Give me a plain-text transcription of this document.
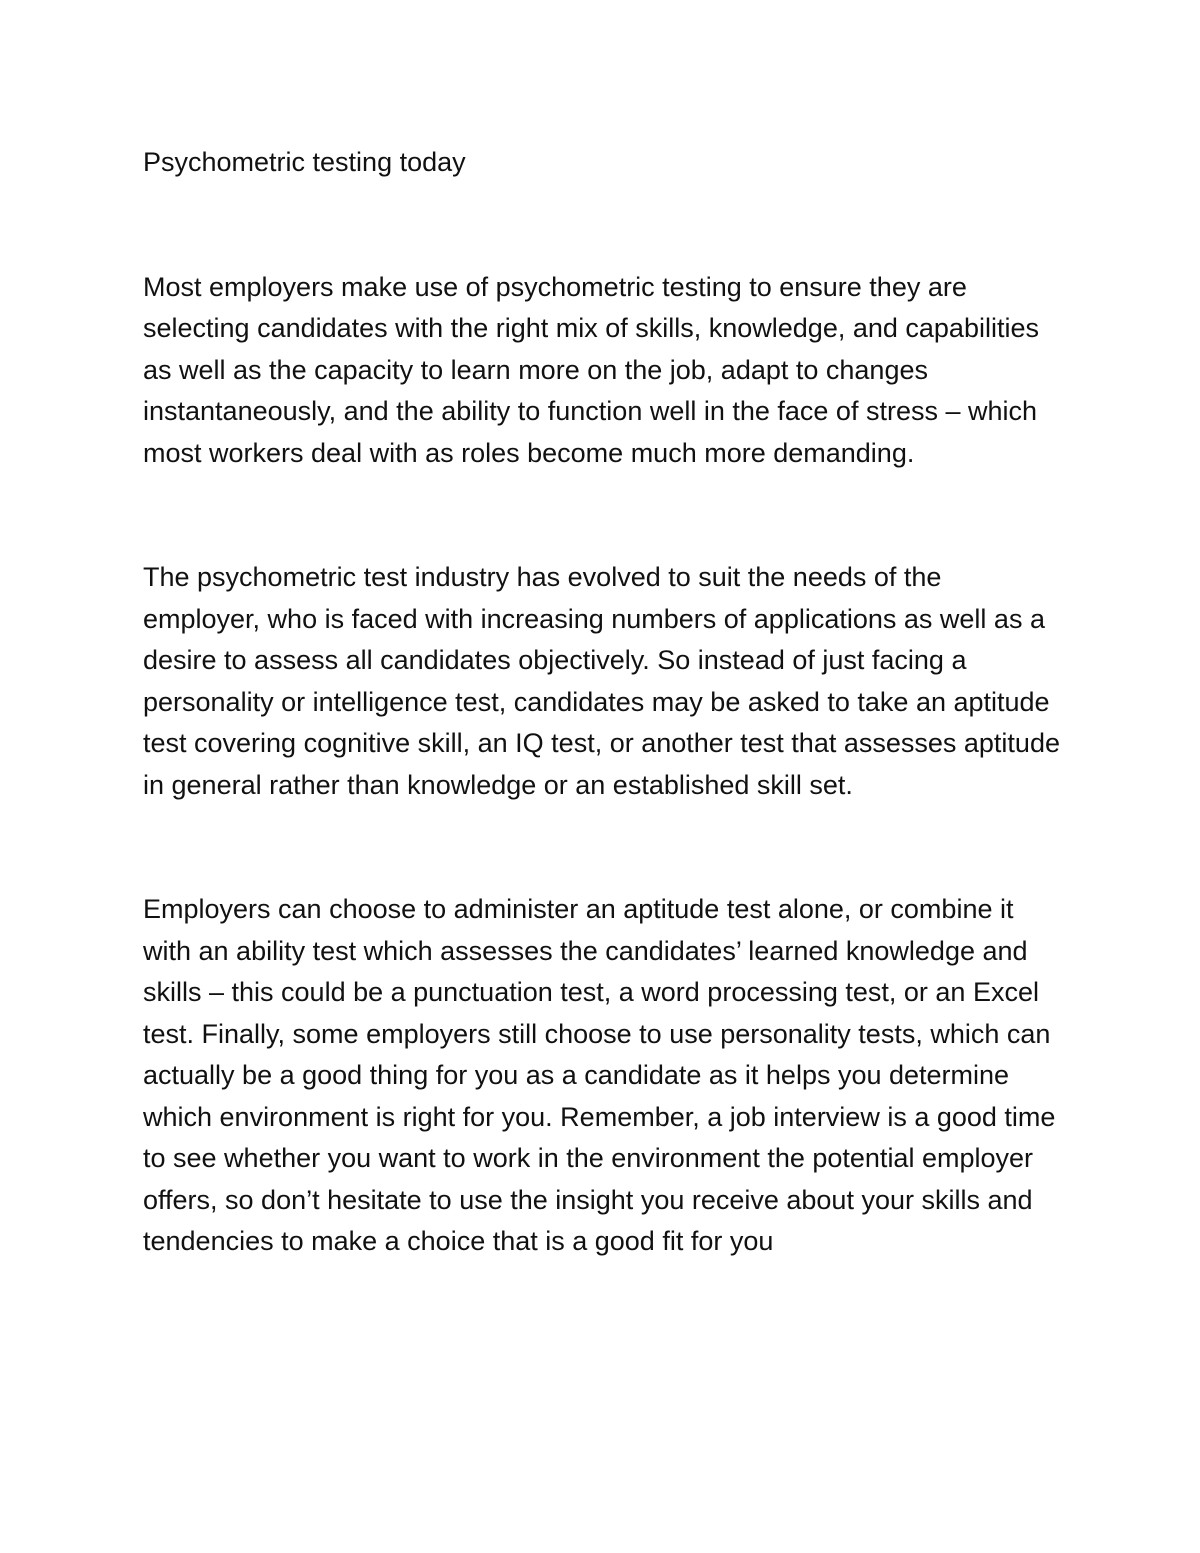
Psychometric testing today

Most employers make use of psychometric testing to ensure they are selecting candidates with the right mix of skills, knowledge, and capabilities as well as the capacity to learn more on the job, adapt to changes instantaneously, and the ability to function well in the face of stress – which most workers deal with as roles become much more demanding.

The psychometric test industry has evolved to suit the needs of the employer, who is faced with increasing numbers of applications as well as a desire to assess all candidates objectively. So instead of just facing a personality or intelligence test, candidates may be asked to take an aptitude test covering cognitive skill, an IQ test, or another test that assesses aptitude in general rather than knowledge or an established skill set.

Employers can choose to administer an aptitude test alone, or combine it with an ability test which assesses the candidates’ learned knowledge and skills – this could be a punctuation test, a word processing test, or an Excel test. Finally, some employers still choose to use personality tests, which can actually be a good thing for you as a candidate as it helps you determine which environment is right for you. Remember, a job interview is a good time to see whether you want to work in the environment the potential employer offers, so don’t hesitate to use the insight you receive about your skills and tendencies to make a choice that is a good fit for you
